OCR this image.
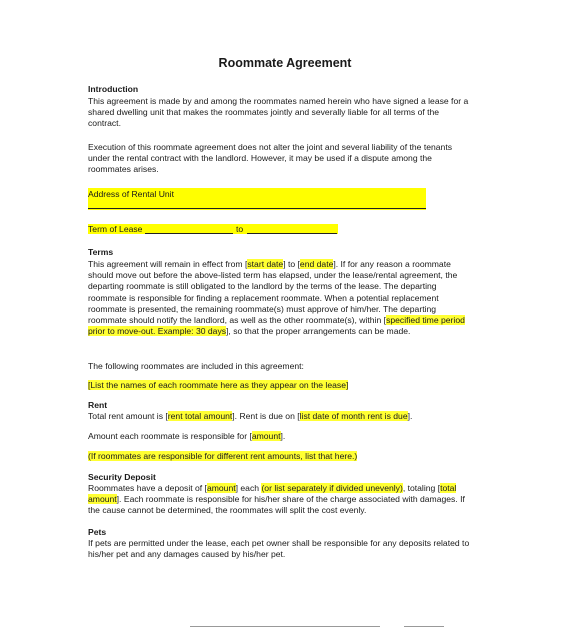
Roommate Agreement
Introduction
This agreement is made by and among the roommates named herein who have signed a lease for a shared dwelling unit that makes the roommates jointly and severally liable for all terms of the contract.
Execution of this roommate agreement does not alter the joint and several liability of the tenants under the rental contract with the landlord. However, it may be used if a dispute among the roommates arises.
Address of Rental Unit
Term of Lease	to
Terms
This agreement will remain in effect from [start date] to [end date]. If for any reason a roommate should move out before the above-listed term has elapsed, under the lease/rental agreement, the departing roommate is still obligated to the landlord by the terms of the lease. The departing roommate is responsible for finding a replacement roommate. When a potential replacement roommate is presented, the remaining roommate(s) must approve of him/her. The departing roommate should notify the landlord, as well as the other roommate(s), within [specified time period prior to move-out. Example: 30 days], so that the proper arrangements can be made.
The following roommates are included in this agreement:
[List the names of each roommate here as they appear on the lease]
Rent
Total rent amount is [rent total amount]. Rent is due on [list date of month rent is due].
Amount each roommate is responsible for [amount].
(If roommates are responsible for different rent amounts, list that here.)
Security Deposit
Roommates have a deposit of [amount] each (or list separately if divided unevenly), totaling [total amount]. Each roommate is responsible for his/her share of the charge associated with damages. If the cause cannot be determined, the roommates will split the cost evenly.
Pets
If pets are permitted under the lease, each pet owner shall be responsible for any deposits related to his/her pet and any damages caused by his/her pet.
